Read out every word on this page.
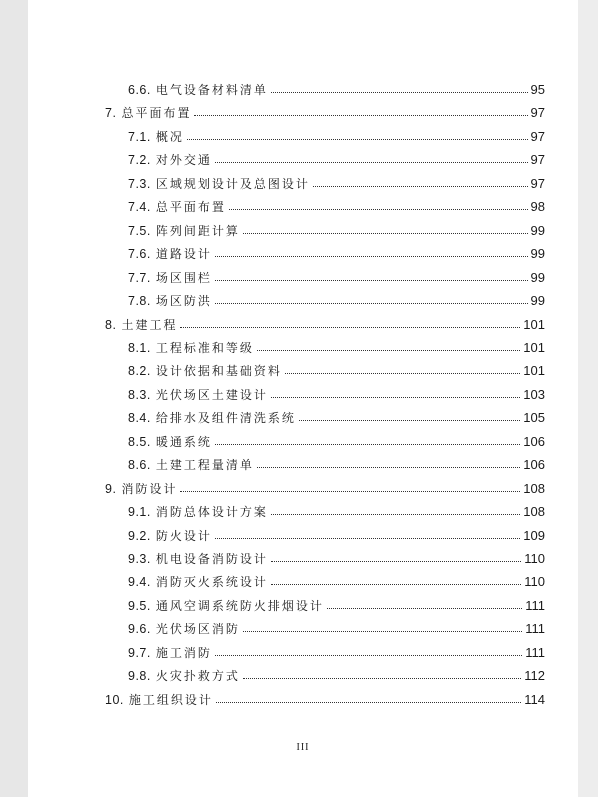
6.6. 电气设备材料清单	95
7. 总平面布置	97
7.1. 概况	97
7.2. 对外交通	97
7.3. 区域规划设计及总图设计	97
7.4. 总平面布置	98
7.5. 阵列间距计算	99
7.6. 道路设计	99
7.7. 场区围栏	99
7.8. 场区防洪	99
8. 土建工程	101
8.1. 工程标准和等级	101
8.2. 设计依据和基础资料	101
8.3. 光伏场区土建设计	103
8.4. 给排水及组件清洗系统	105
8.5. 暖通系统	106
8.6. 土建工程量清单	106
9. 消防设计	108
9.1. 消防总体设计方案	108
9.2. 防火设计	109
9.3. 机电设备消防设计	110
9.4. 消防灭火系统设计	110
9.5. 通风空调系统防火排烟设计	111
9.6. 光伏场区消防	111
9.7. 施工消防	111
9.8. 火灾扑救方式	112
10. 施工组织设计	114
III
